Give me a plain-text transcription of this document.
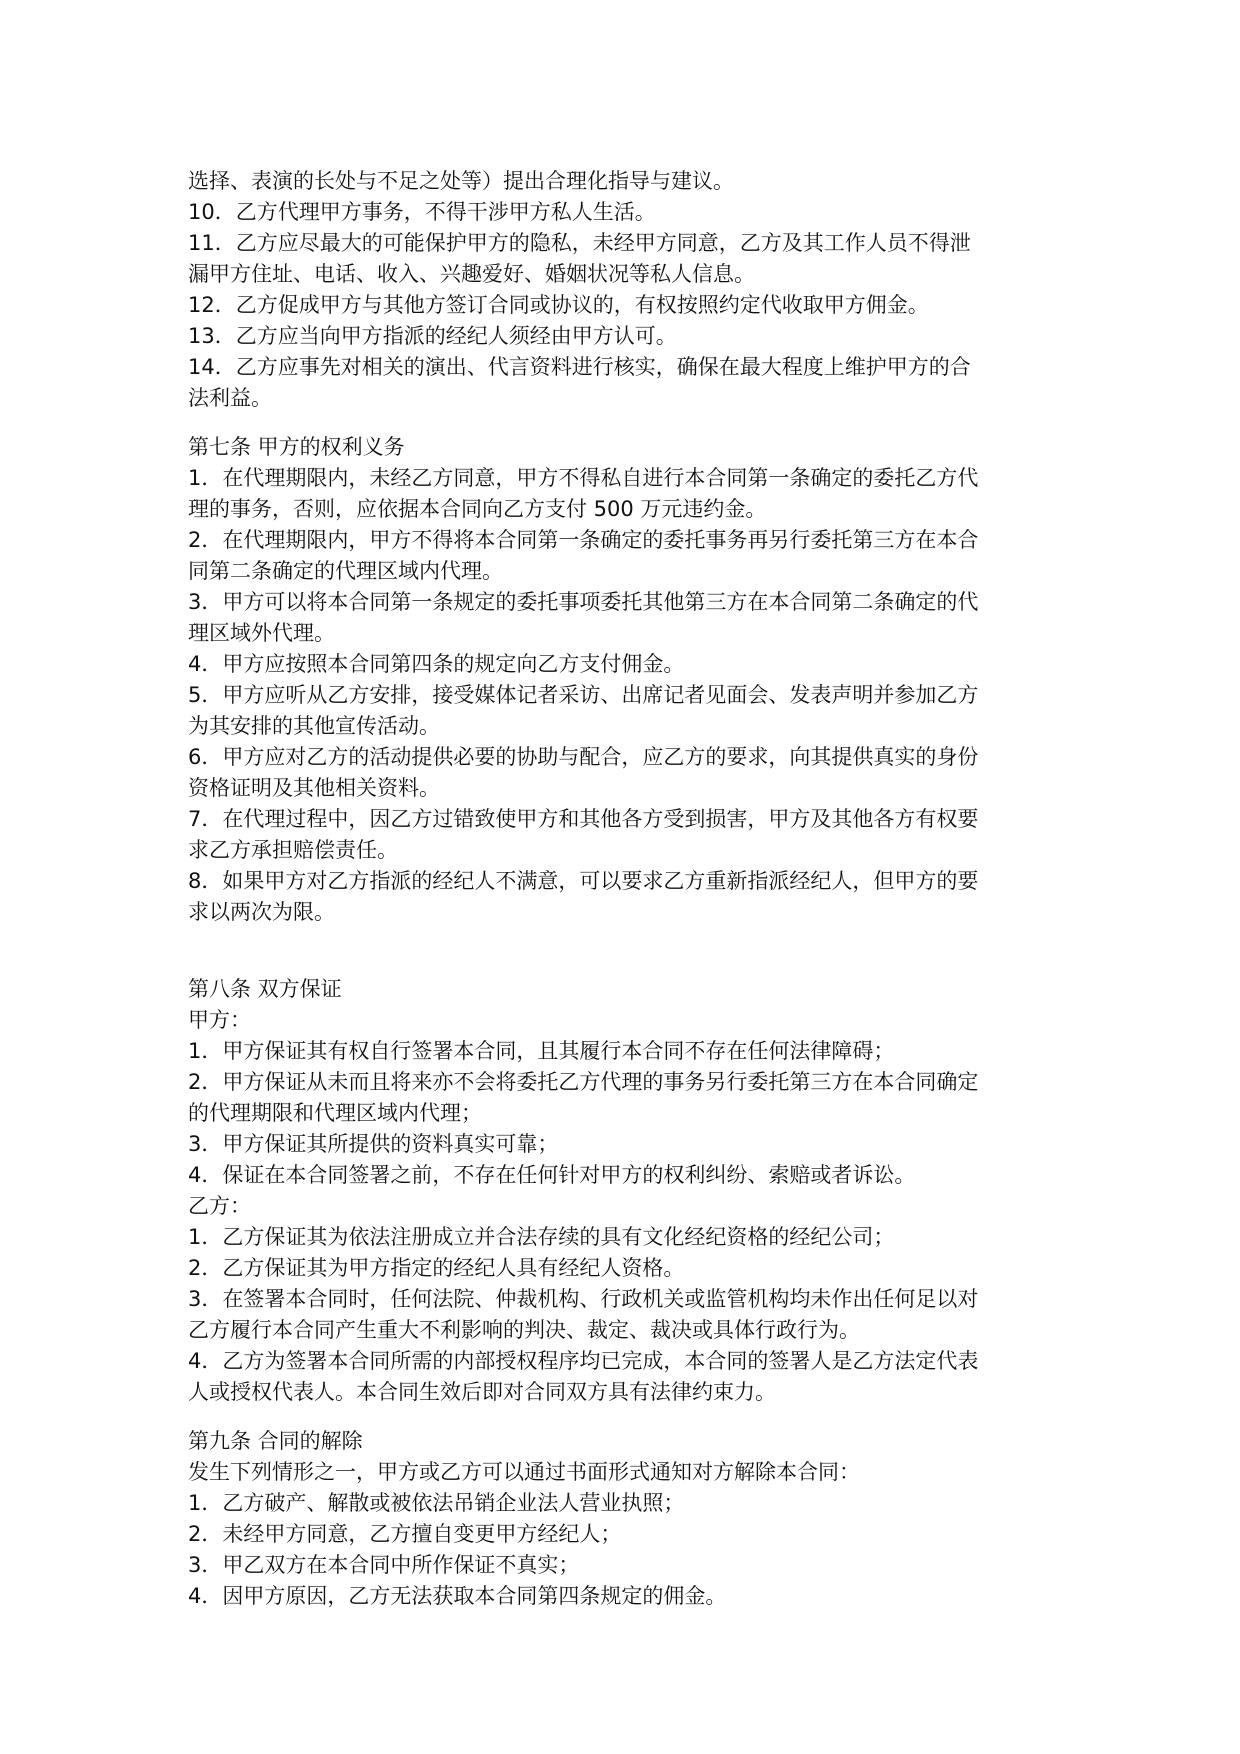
选择、表演的长处与不足之处等）提出合理化指导与建议。
10．乙方代理甲方事务，不得干涉甲方私人生活。
11．乙方应尽最大的可能保护甲方的隐私，未经甲方同意，乙方及其工作人员不得泄
漏甲方住址、电话、收入、兴趣爱好、婚姻状况等私人信息。
12．乙方促成甲方与其他方签订合同或协议的，有权按照约定代收取甲方佣金。
13．乙方应当向甲方指派的经纪人须经由甲方认可。
14．乙方应事先对相关的演出、代言资料进行核实，确保在最大程度上维护甲方的合
法利益。
第七条 甲方的权利义务
1．在代理期限内，未经乙方同意，甲方不得私自进行本合同第一条确定的委托乙方代
理的事务，否则，应依据本合同向乙方支付 500 万元违约金。
2．在代理期限内，甲方不得将本合同第一条确定的委托事务再另行委托第三方在本合
同第二条确定的代理区域内代理。
3．甲方可以将本合同第一条规定的委托事项委托其他第三方在本合同第二条确定的代
理区域外代理。
4．甲方应按照本合同第四条的规定向乙方支付佣金。
5．甲方应听从乙方安排，接受媒体记者采访、出席记者见面会、发表声明并参加乙方
为其安排的其他宣传活动。
6．甲方应对乙方的活动提供必要的协助与配合，应乙方的要求，向其提供真实的身份
资格证明及其他相关资料。
7．在代理过程中，因乙方过错致使甲方和其他各方受到损害，甲方及其他各方有权要
求乙方承担赔偿责任。
8．如果甲方对乙方指派的经纪人不满意，可以要求乙方重新指派经纪人，但甲方的要
求以两次为限。
第八条 双方保证
甲方：
1．甲方保证其有权自行签署本合同，且其履行本合同不存在任何法律障碍；
2．甲方保证从未而且将来亦不会将委托乙方代理的事务另行委托第三方在本合同确定
的代理期限和代理区域内代理；
3．甲方保证其所提供的资料真实可靠；
4．保证在本合同签署之前，不存在任何针对甲方的权利纠纷、索赔或者诉讼。
乙方：
1．乙方保证其为依法注册成立并合法存续的具有文化经纪资格的经纪公司；
2．乙方保证其为甲方指定的经纪人具有经纪人资格。
3．在签署本合同时，任何法院、仲裁机构、行政机关或监管机构均未作出任何足以对
乙方履行本合同产生重大不利影响的判决、裁定、裁决或具体行政行为。
4．乙方为签署本合同所需的内部授权程序均已完成，本合同的签署人是乙方法定代表
人或授权代表人。本合同生效后即对合同双方具有法律约束力。
第九条 合同的解除
发生下列情形之一，甲方或乙方可以通过书面形式通知对方解除本合同：
1．乙方破产、解散或被依法吊销企业法人营业执照；
2．未经甲方同意，乙方擅自变更甲方经纪人；
3．甲乙双方在本合同中所作保证不真实；
4．因甲方原因，乙方无法获取本合同第四条规定的佣金。
